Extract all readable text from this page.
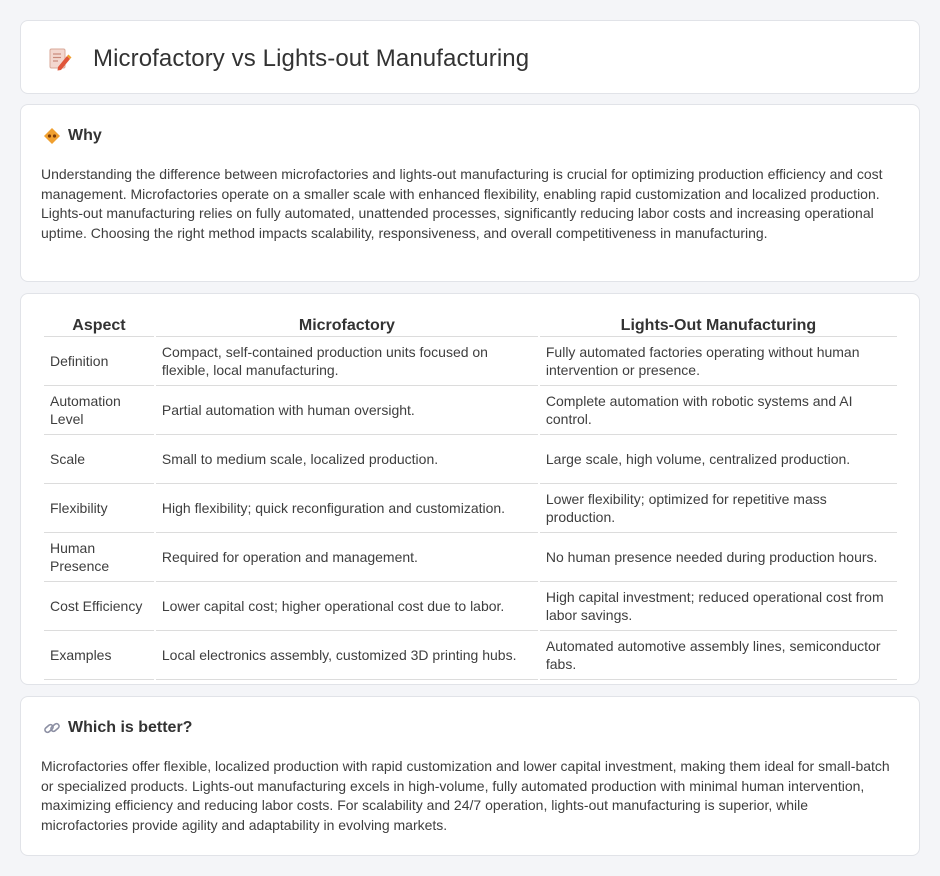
Microfactory vs Lights-out Manufacturing
Why

Understanding the difference between microfactories and lights-out manufacturing is crucial for optimizing production efficiency and cost management. Microfactories operate on a smaller scale with enhanced flexibility, enabling rapid customization and localized production. Lights-out manufacturing relies on fully automated, unattended processes, significantly reducing labor costs and increasing operational uptime. Choosing the right method impacts scalability, responsiveness, and overall competitiveness in manufacturing.

Aspect	Microfactory	Lights-Out Manufacturing
Definition	Compact, self-contained production units focused on flexible, local manufacturing.	Fully automated factories operating without human intervention or presence.
Automation Level	Partial automation with human oversight.	Complete automation with robotic systems and AI control.
Scale	Small to medium scale, localized production.	Large scale, high volume, centralized production.
Flexibility	High flexibility; quick reconfiguration and customization.	Lower flexibility; optimized for repetitive mass production.
Human Presence	Required for operation and management.	No human presence needed during production hours.
Cost Efficiency	Lower capital cost; higher operational cost due to labor.	High capital investment; reduced operational cost from labor savings.
Examples	Local electronics assembly, customized 3D printing hubs.	Automated automotive assembly lines, semiconductor fabs.
Which is better?

Microfactories offer flexible, localized production with rapid customization and lower capital investment, making them ideal for small-batch or specialized products. Lights-out manufacturing excels in high-volume, fully automated production with minimal human intervention, maximizing efficiency and reducing labor costs. For scalability and 24/7 operation, lights-out manufacturing is superior, while microfactories provide agility and adaptability in evolving markets.
